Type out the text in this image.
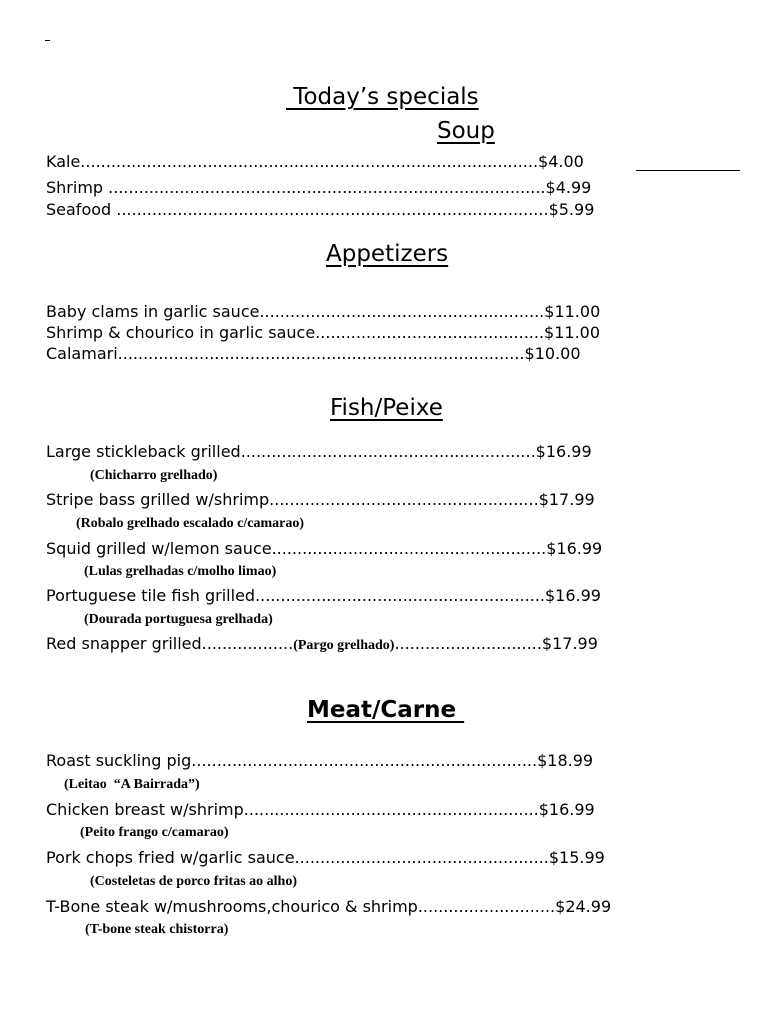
Today’s specials
Soup
Kale..........................................................................................$4.00
Shrimp ......................................................................................$4.99
Seafood .....................................................................................$5.99
Appetizers
Baby clams in garlic sauce........................................................$11.00
Shrimp & chourico in garlic sauce.............................................$11.00
Calamari................................................................................$10.00
Fish/Peixe
Large stickleback grilled..........................................................$16.99
(Chicharro grelhado)
Stripe bass grilled w/shrimp.....................................................$17.99
(Robalo grelhado escalado c/camarao)
Squid grilled w/lemon sauce......................................................$16.99
(Lulas grelhadas c/molho limao)
Portuguese tile fish grilled.........................................................$16.99
(Dourada portuguesa grelhada)
Red snapper grilled..................(Pargo grelhado).............................$17.99
Meat/Carne
Roast suckling pig....................................................................$18.99
(Leitao  “A Bairrada”)
Chicken breast w/shrimp..........................................................$16.99
(Peito frango c/camarao)
Pork chops fried w/garlic sauce..................................................$15.99
(Costeletas de porco fritas ao alho)
T-Bone steak w/mushrooms,chourico & shrimp...........................$24.99
(T-bone steak chistorra)
